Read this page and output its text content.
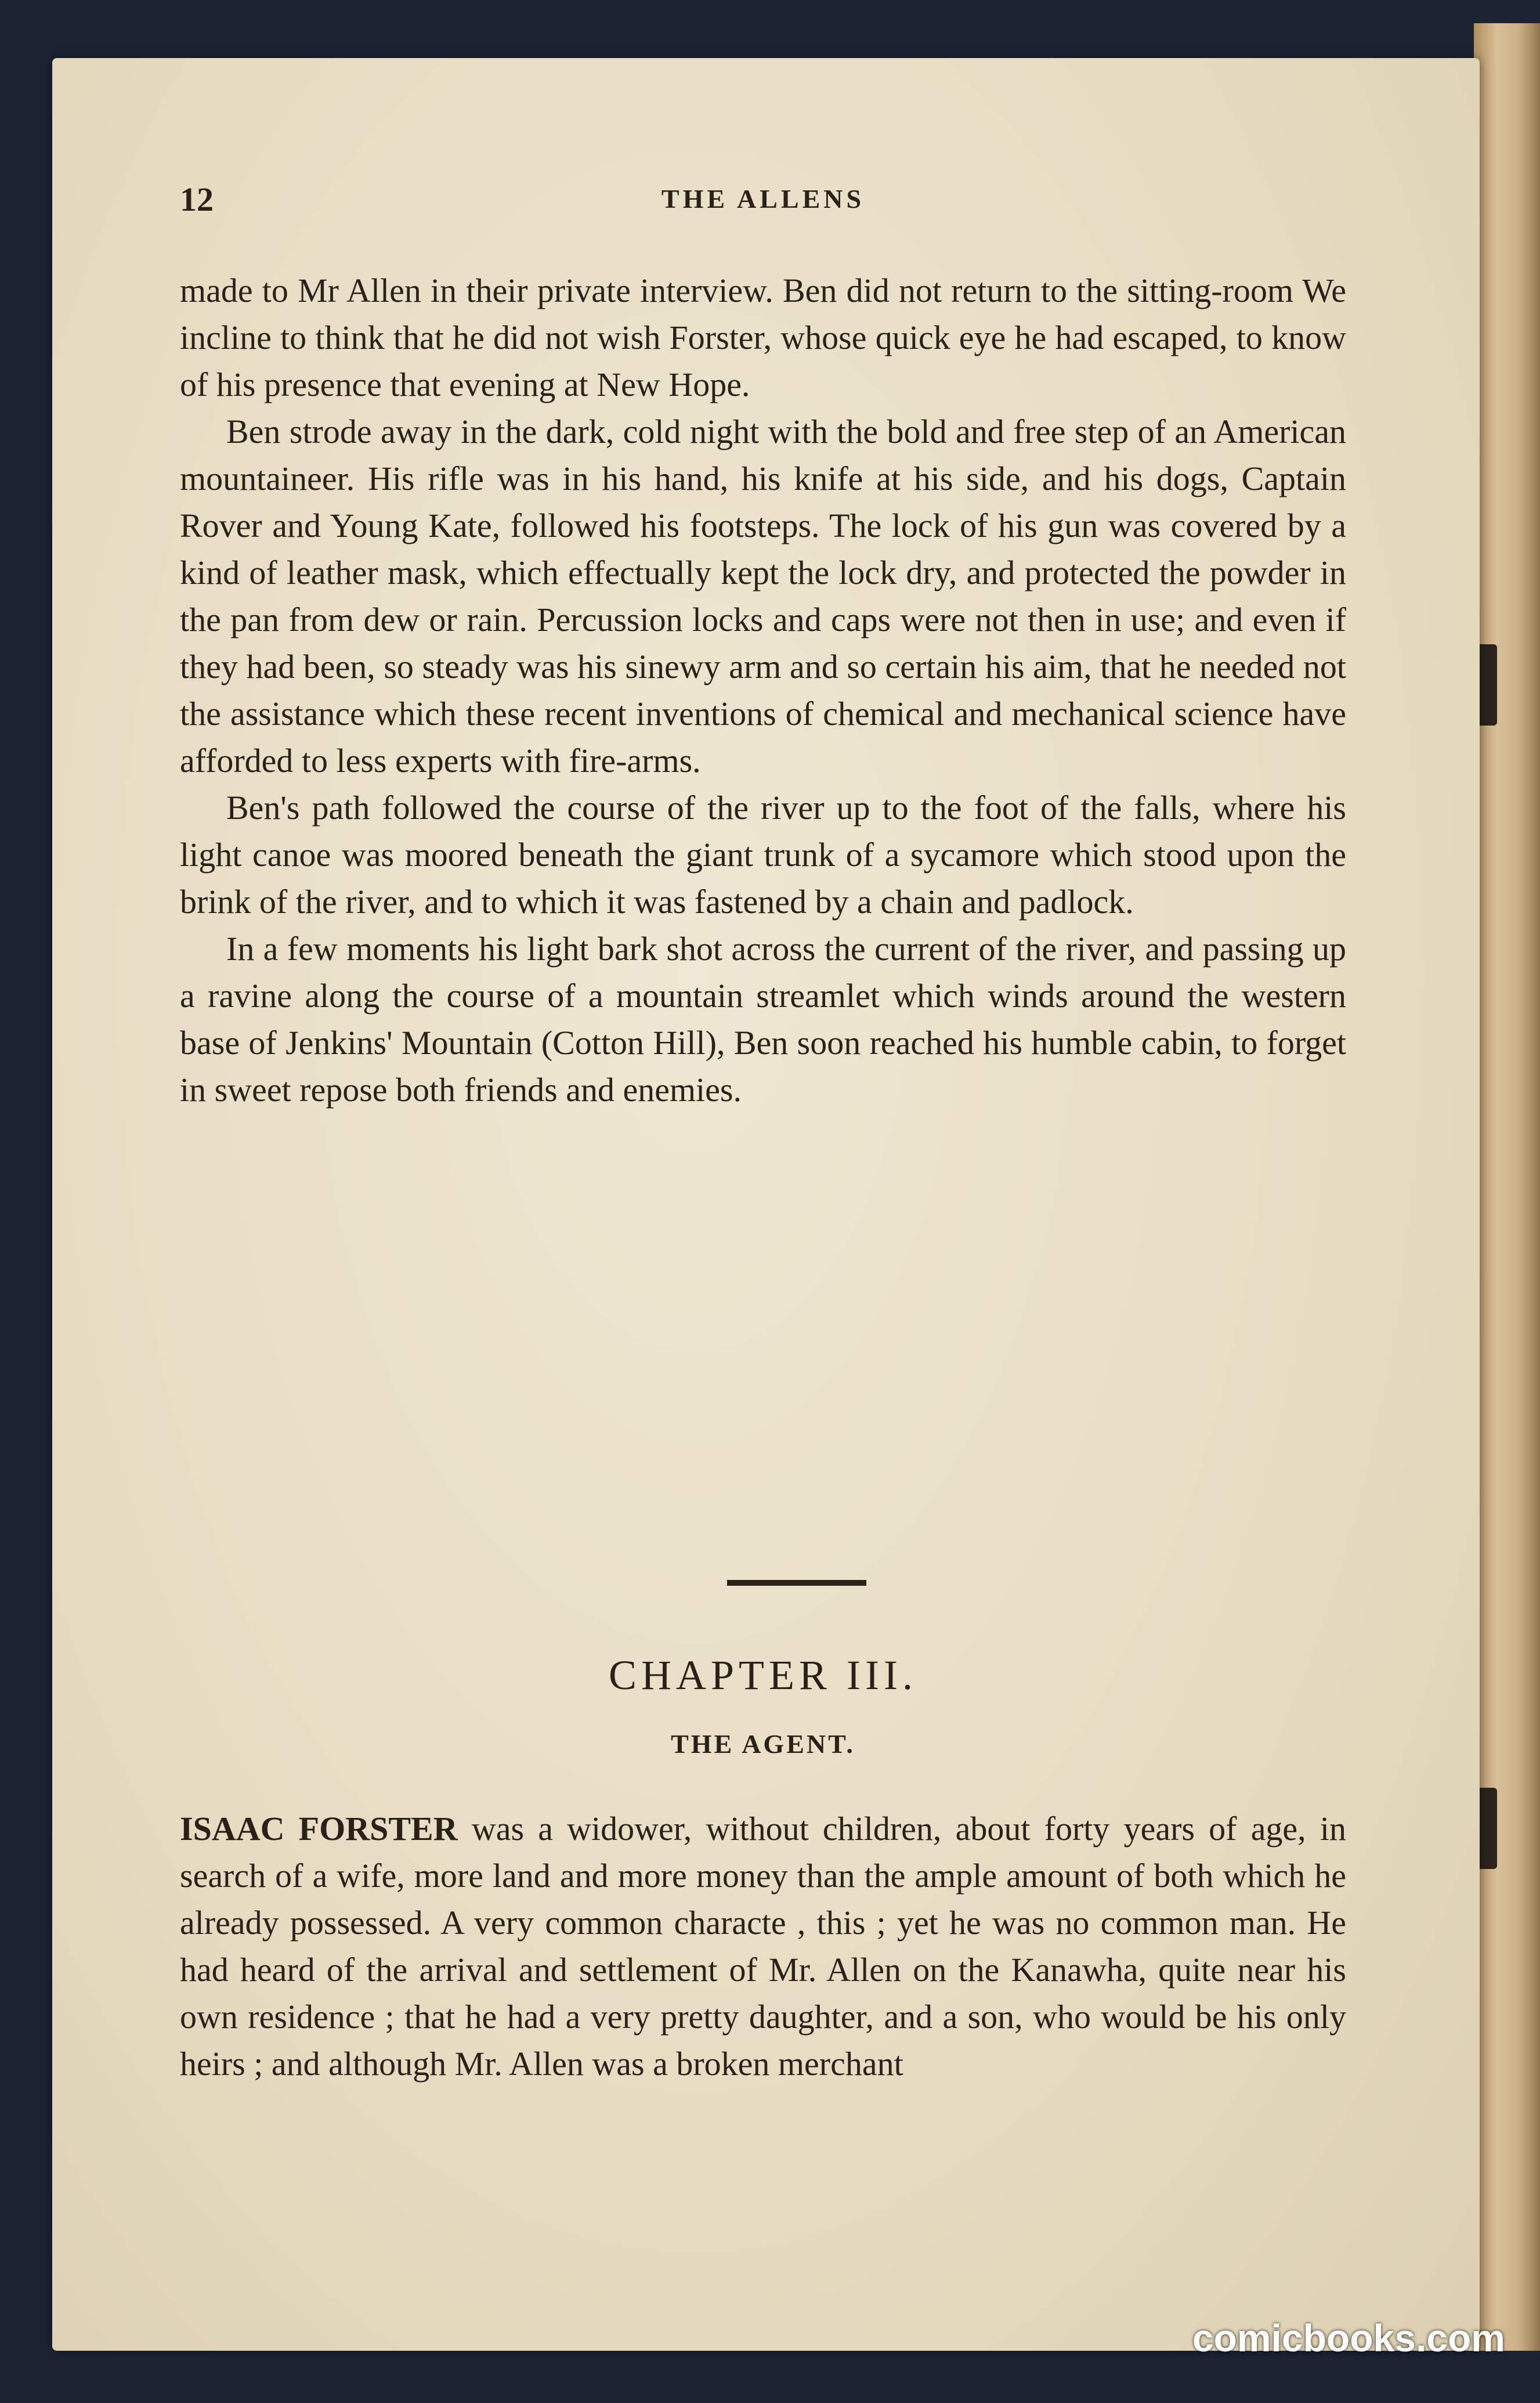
12	THE ALLENS

made to Mr Allen in their private interview. Ben did not return to the sitting-room We incline to think that he did not wish Forster, whose quick eye he had escaped, to know of his presence that evening at New Hope.

Ben strode away in the dark, cold night with the bold and free step of an American mountaineer. His rifle was in his hand, his knife at his side, and his dogs, Captain Rover and Young Kate, followed his footsteps. The lock of his gun was covered by a kind of leather mask, which effectually kept the lock dry, and protected the powder in the pan from dew or rain. Percussion locks and caps were not then in use; and even if they had been, so steady was his sinewy arm and so certain his aim, that he needed not the assistance which these recent inventions of chemical and mechanical science have afforded to less experts with fire-arms.

Ben's path followed the course of the river up to the foot of the falls, where his light canoe was moored beneath the giant trunk of a sycamore which stood upon the brink of the river, and to which it was fastened by a chain and padlock.

In a few moments his light bark shot across the current of the river, and passing up a ravine along the course of a mountain streamlet which winds around the western base of Jenkins' Mountain (Cotton Hill), Ben soon reached his humble cabin, to forget in sweet repose both friends and enemies.

CHAPTER III.
THE AGENT.

ISAAC FORSTER was a widower, without children, about forty years of age, in search of a wife, more land and more money than the ample amount of both which he already possessed. A very common characte , this ; yet he was no common man. He had heard of the arrival and settlement of Mr. Allen on the Kanawha, quite near his own residence ; that he had a very pretty daughter, and a son, who would be his only heirs ; and although Mr. Allen was a broken merchant

comicbooks.com
